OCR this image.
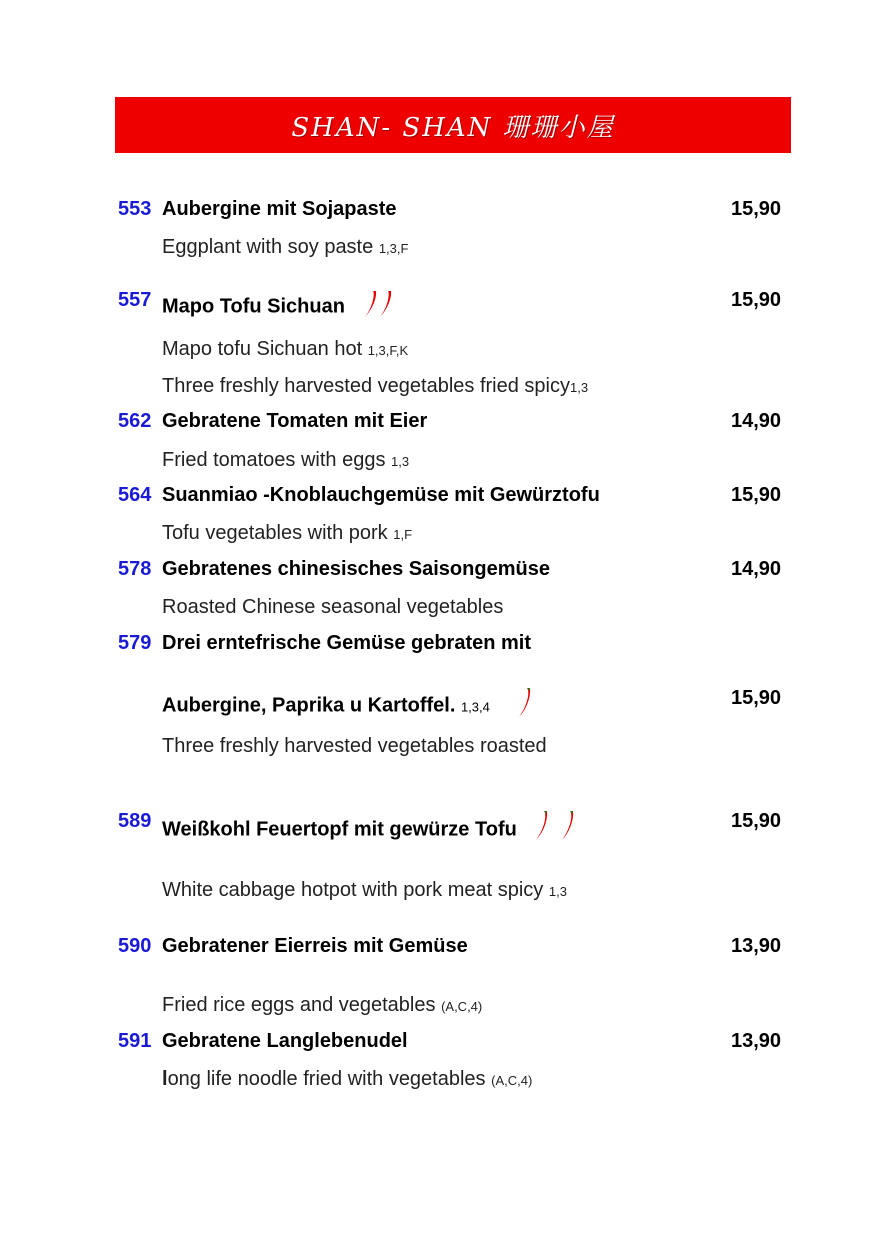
SHAN- SHAN 珊珊小屋
553 Aubergine mit Sojapaste	15,90
Eggplant with soy paste 1,3,F
557 Mapo Tofu Sichuan	15,90
Mapo tofu Sichuan hot 1,3,F,K
Three freshly harvested vegetables fried spicy1,3
562 Gebratene Tomaten mit Eier	14,90
Fried tomatoes with eggs 1,3
564 Suanmiao -Knoblauchgemüse mit Gewürztofu	15,90
Tofu vegetables with pork 1,F
578 Gebratenes chinesisches Saisongemüse	14,90
Roasted Chinese seasonal vegetables
579 Drei erntefrische Gemüse gebraten mit
Aubergine, Paprika u Kartoffel. 1,3,4	15,90
Three freshly harvested vegetables roasted
589 Weißkohl Feuertopf mit gewürze Tofu	15,90
White cabbage hotpot with pork meat spicy 1,3
590 Gebratener Eierreis mit Gemüse	13,90
Fried rice eggs and vegetables (A,C,4)
591 Gebratene Langlebenudel	13,90
long life noodle fried with vegetables (A,C,4)
